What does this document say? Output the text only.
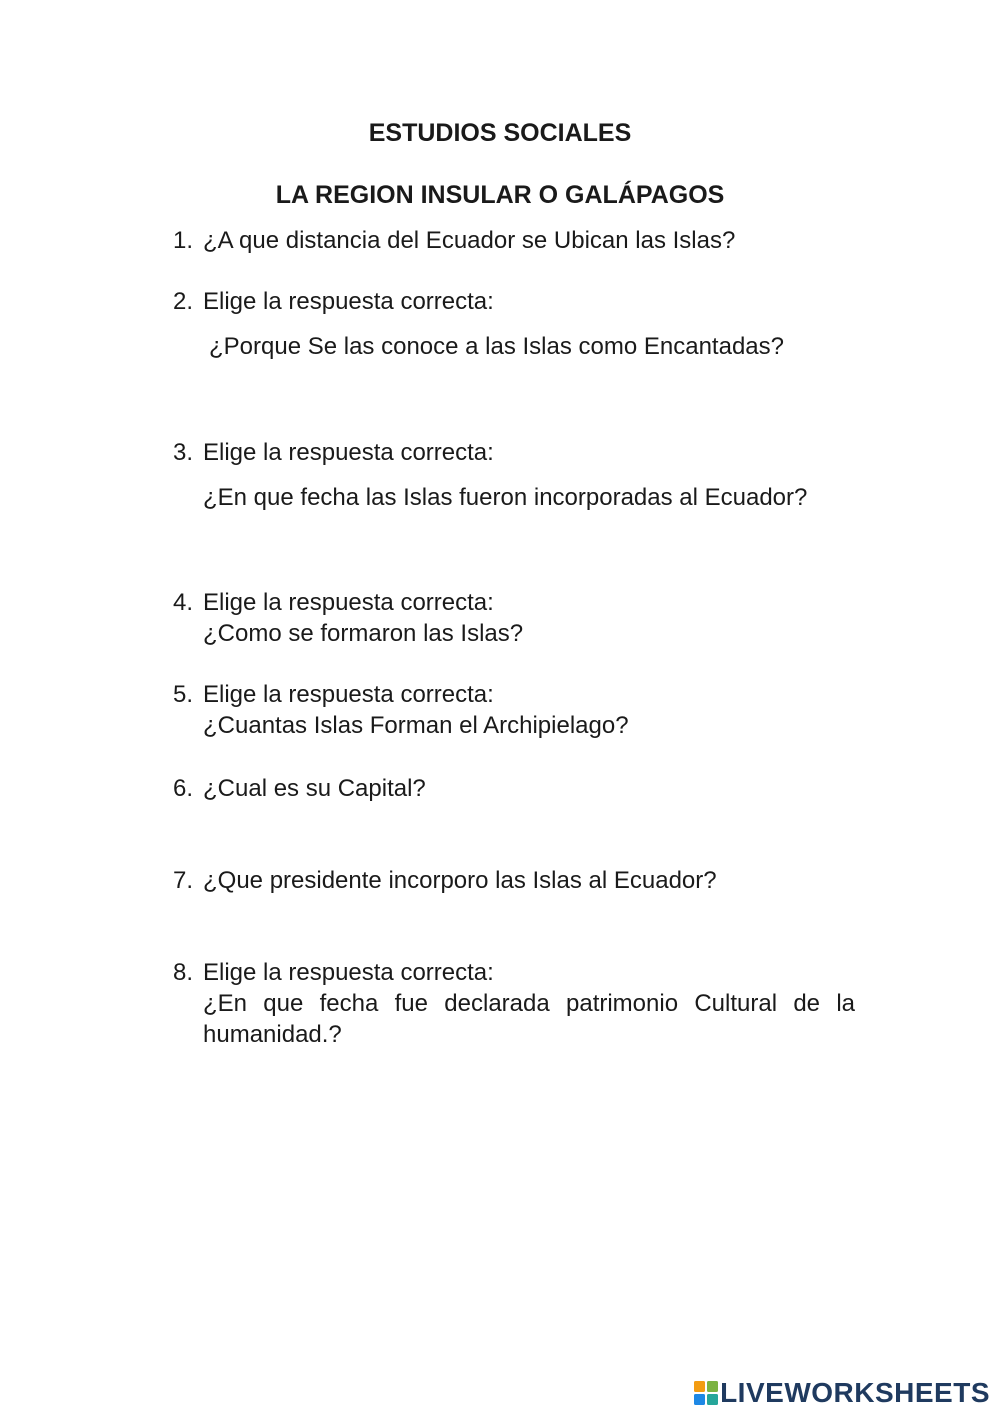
ESTUDIOS SOCIALES
LA REGION INSULAR O GALÁPAGOS
1. ¿A que distancia del Ecuador se Ubican las Islas?
2. Elige la respuesta correcta:
¿Porque Se las conoce a las Islas como Encantadas?
3. Elige la respuesta correcta:
¿En que fecha las Islas fueron incorporadas al Ecuador?
4. Elige la respuesta correcta:
¿Como se formaron las Islas?
5. Elige la respuesta correcta:
¿Cuantas Islas Forman el Archipielago?
6. ¿Cual es su Capital?
7. ¿Que presidente incorporo las Islas al Ecuador?
8. Elige la respuesta correcta:
¿En que fecha fue declarada patrimonio Cultural de la humanidad.?
LIVEWORKSHEETS
